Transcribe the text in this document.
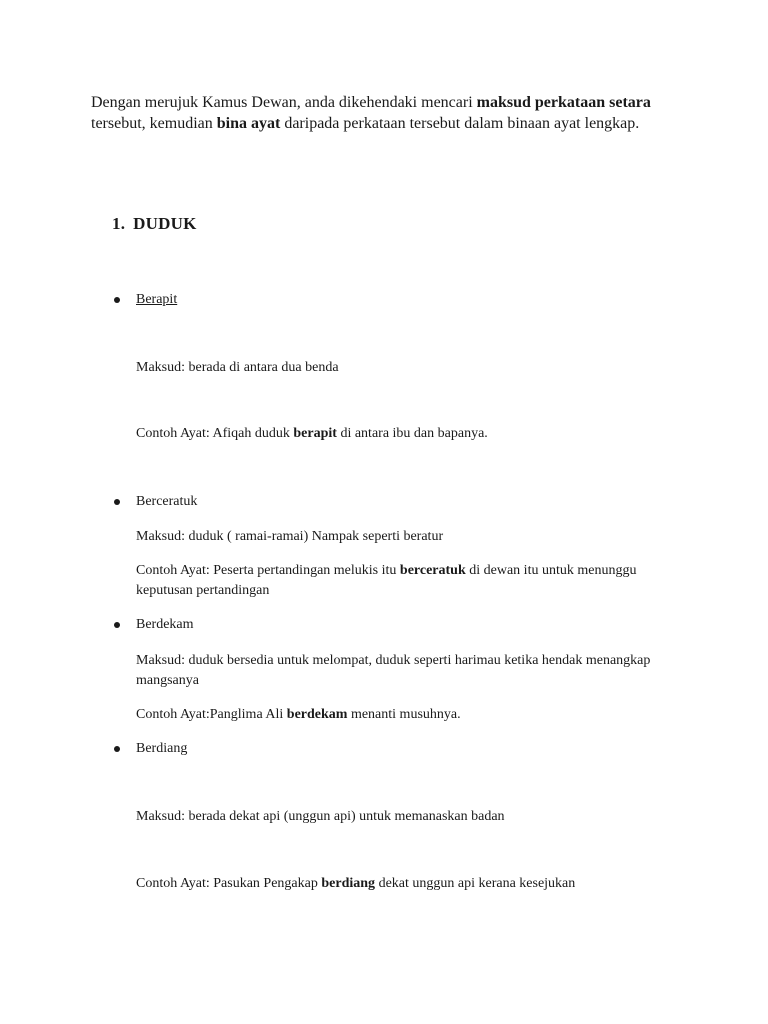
Dengan merujuk Kamus Dewan, anda dikehendaki mencari maksud perkataan setara tersebut, kemudian bina ayat daripada perkataan tersebut dalam binaan ayat lengkap.
1. DUDUK
Berapit
Maksud: berada di antara dua benda
Contoh Ayat: Afiqah duduk berapit di antara ibu dan bapanya.
Berceratuk
Maksud: duduk ( ramai-ramai) Nampak seperti beratur
Contoh Ayat: Peserta pertandingan melukis itu berceratuk di dewan itu untuk menunggu keputusan pertandingan
Berdekam
Maksud: duduk bersedia untuk melompat, duduk seperti harimau ketika hendak menangkap mangsanya
Contoh Ayat:Panglima Ali berdekam menanti musuhnya.
Berdiang
Maksud: berada dekat api (unggun api) untuk memanaskan badan
Contoh Ayat: Pasukan Pengakap berdiang dekat unggun api kerana kesejukan
